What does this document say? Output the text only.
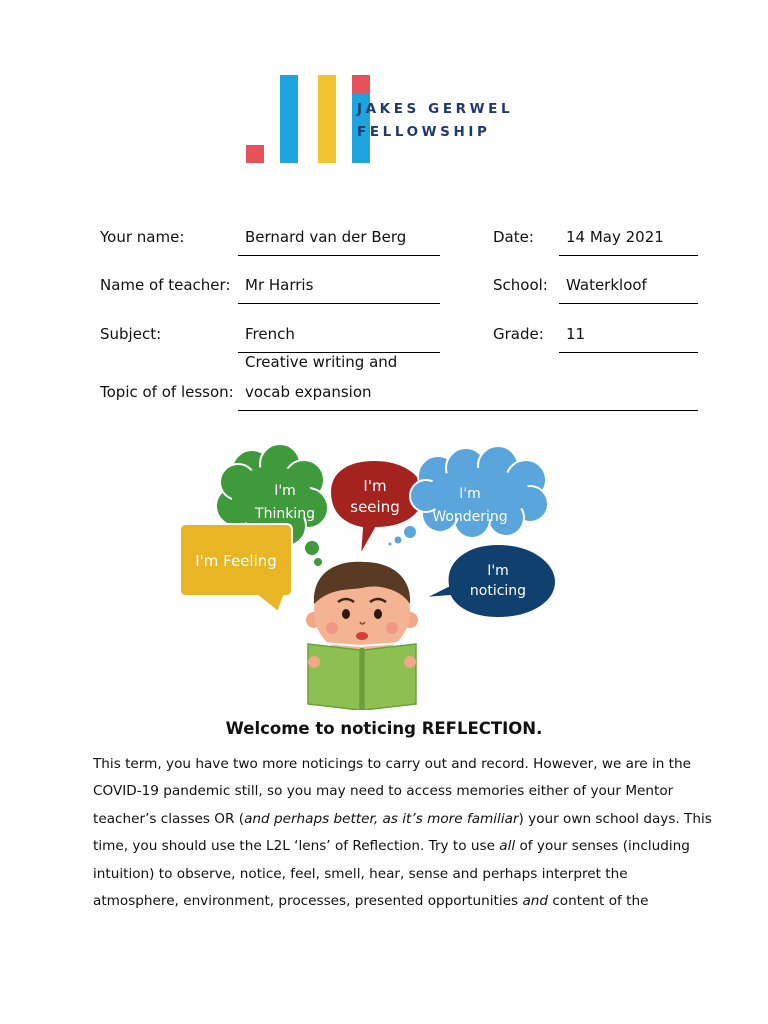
JAKES GERWEL
FELLOWSHIP
Your name:	Bernard van der Berg	Date: 14 May 2021
Name of teacher: Mr Harris	School: Waterkloof
Subject:	French	Grade: 11
Topic of of lesson:
Creative writing and
vocab expansion
I'm
Thinking
I'm
seeing
I'm
Wondering
I'm Feeling
I'm
noticing
Welcome to noticing REFLECTION.
This term, you have two more noticings to carry out and record. However, we are in the
COVID-19 pandemic still, so you may need to access memories either of your Mentor
teacher’s classes OR (and perhaps better, as it’s more familiar) your own school days. This
time, you should use the L2L ‘lens’ of Reflection. Try to use all of your senses (including
intuition) to observe, notice, feel, smell, hear, sense and perhaps interpret the
atmosphere, environment, processes, presented opportunities and content of the
